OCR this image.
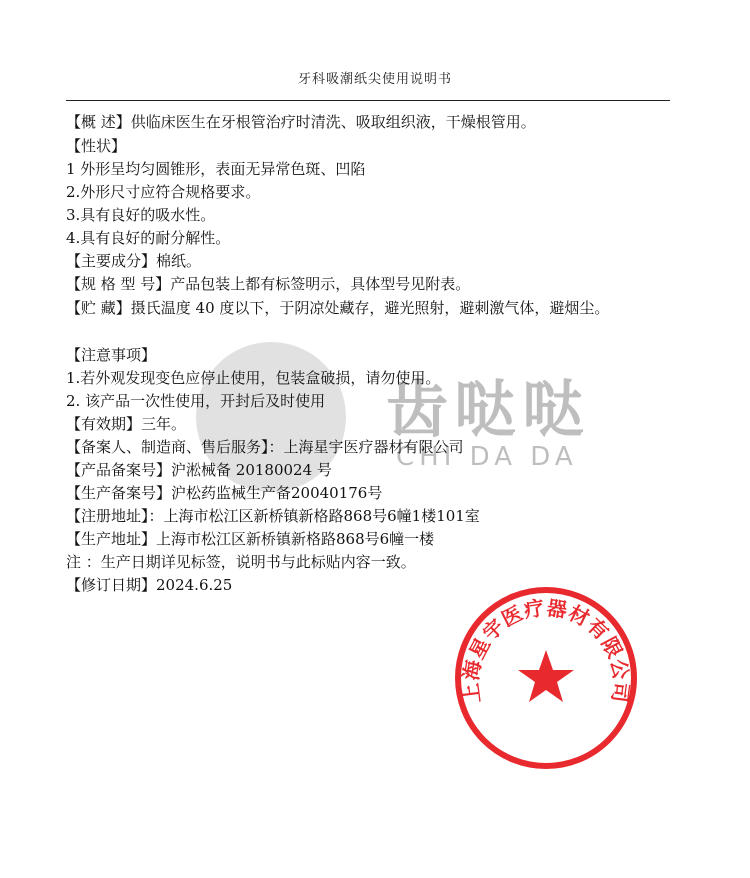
牙科吸潮纸尖使用说明书
齿哒哒
CHI DA DA
【概 述】供临床医生在牙根管治疗时清洗、吸取组织液，干燥根管用。
【性状】
1 外形呈均匀圆锥形，表面无异常色斑、凹陷
2.外形尺寸应符合规格要求。
3.具有良好的吸水性。
4.具有良好的耐分解性。
【主要成分】棉纸。
【规 格 型 号】产品包装上都有标签明示，具体型号见附表。
【贮 藏】摄氏温度 40 度以下，于阴凉处藏存，避光照射，避刺激气体，避烟尘。
【注意事项】
1.若外观发现变色应停止使用，包装盒破损，请勿使用。
2. 该产品一次性使用，开封后及时使用
【有效期】三年。
【备案人、制造商、售后服务】：上海星宇医疗器材有限公司
【产品备案号】沪淞械备 20180024 号
【生产备案号】沪松药监械生产备20040176号
【注册地址】：上海市松江区新桥镇新格路868号6幢1楼101室
【生产地址】上海市松江区新桥镇新格路868号6幢一楼
注 ：生产日期详见标签，说明书与此标贴内容一致。
【修订日期】2024.6.25
上海星宇医疗器材有限公司
